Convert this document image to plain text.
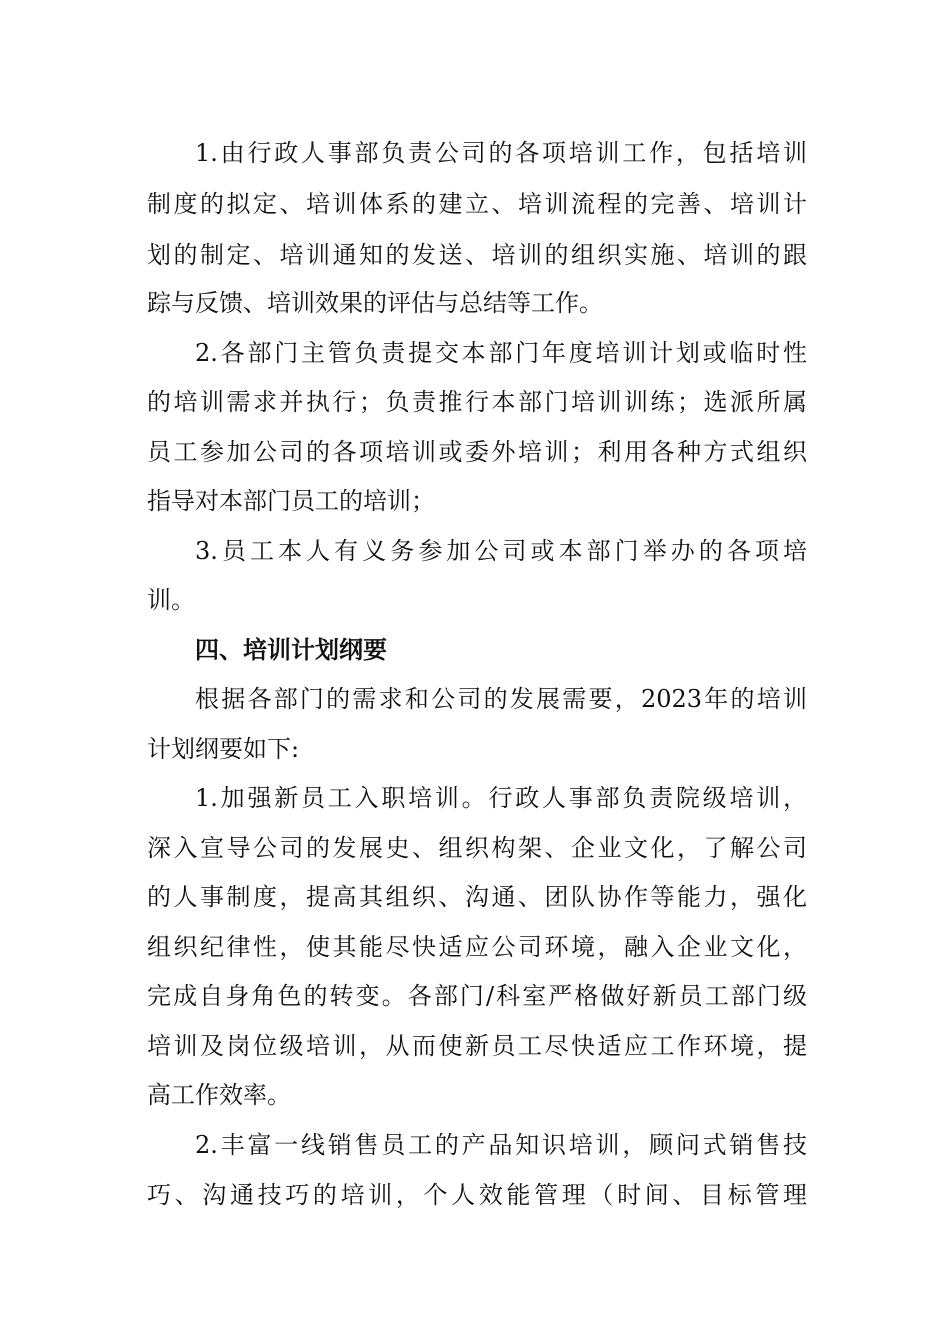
1.由行政人事部负责公司的各项培训工作，包括培训
制度的拟定、培训体系的建立、培训流程的完善、培训计
划的制定、培训通知的发送、培训的组织实施、培训的跟
踪与反馈、培训效果的评估与总结等工作。
2.各部门主管负责提交本部门年度培训计划或临时性
的培训需求并执行；负责推行本部门培训训练；选派所属
员工参加公司的各项培训或委外培训；利用各种方式组织
指导对本部门员工的培训；
3.员工本人有义务参加公司或本部门举办的各项培
训。
四、培训计划纲要
根据各部门的需求和公司的发展需要，2023年的培训
计划纲要如下:
1.加强新员工入职培训。行政人事部负责院级培训，
深入宣导公司的发展史、组织构架、企业文化，了解公司
的人事制度，提高其组织、沟通、团队协作等能力，强化
组织纪律性，使其能尽快适应公司环境，融入企业文化，
完成自身角色的转变。各部门/科室严格做好新员工部门级
培训及岗位级培训，从而使新员工尽快适应工作环境，提
高工作效率。
2.丰富一线销售员工的产品知识培训，顾问式销售技
巧、沟通技巧的培训，个人效能管理（时间、目标管理
